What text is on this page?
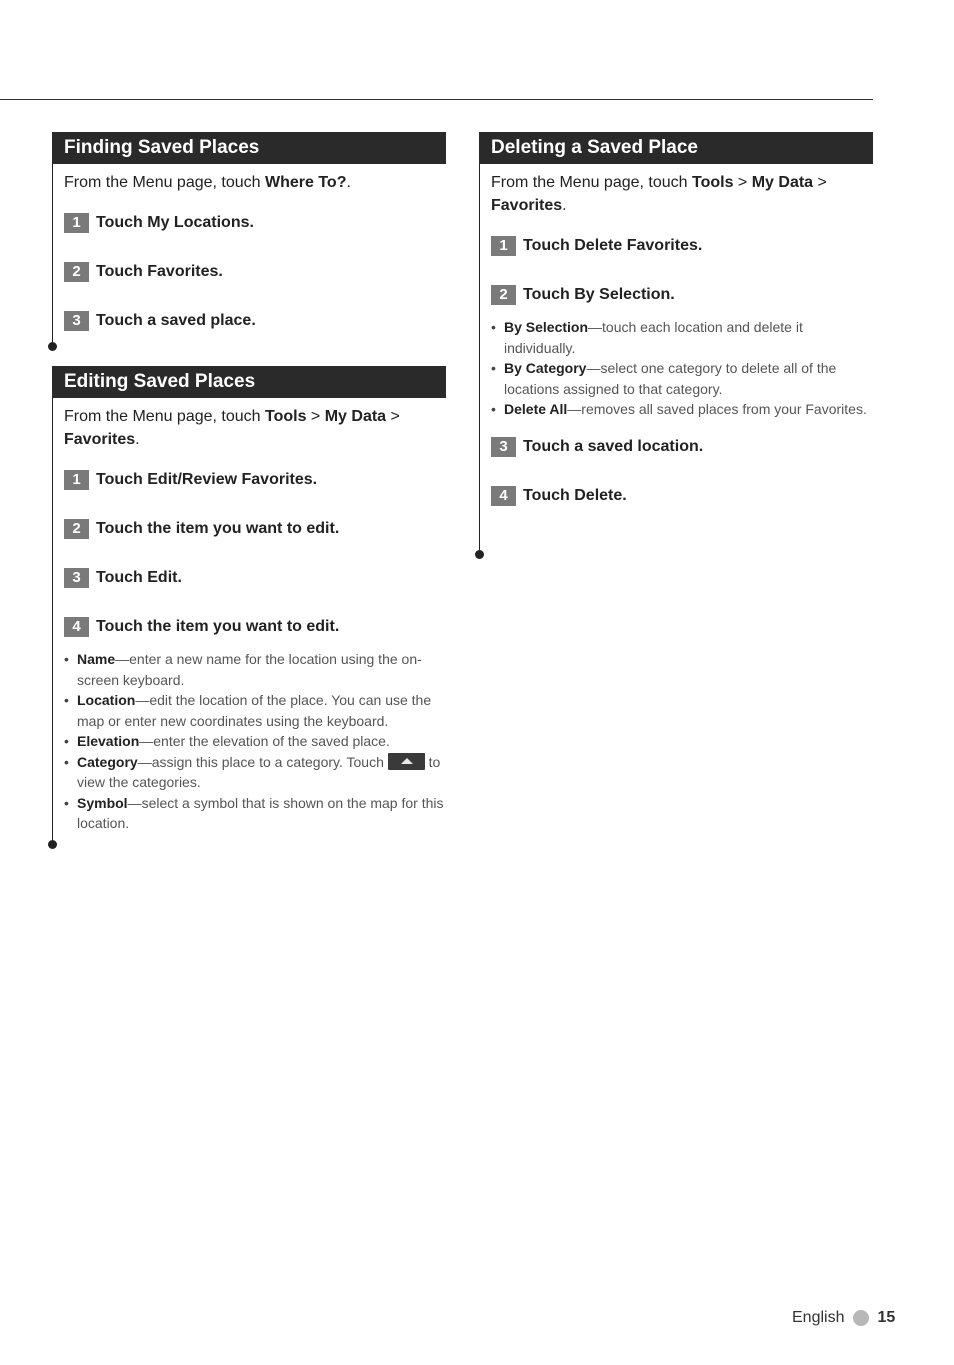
Finding Saved Places
From the Menu page, touch Where To?.
1 Touch My Locations.
2 Touch Favorites.
3 Touch a saved place.
Editing Saved Places
From the Menu page, touch Tools > My Data > Favorites.
1 Touch Edit/Review Favorites.
2 Touch the item you want to edit.
3 Touch Edit.
4 Touch the item you want to edit.
• Name—enter a new name for the location using the on-screen keyboard.
• Location—edit the location of the place. You can use the map or enter new coordinates using the keyboard.
• Elevation—enter the elevation of the saved place.
• Category—assign this place to a category. Touch	to view the categories.
• Symbol—select a symbol that is shown on the map for this location.
Deleting a Saved Place
From the Menu page, touch Tools > My Data > Favorites.
1 Touch Delete Favorites.
2 Touch By Selection.
• By Selection—touch each location and delete it individually.
• By Category—select one category to delete all of the locations assigned to that category.
• Delete All—removes all saved places from your Favorites.
3 Touch a saved location.
4 Touch Delete.
English 15
